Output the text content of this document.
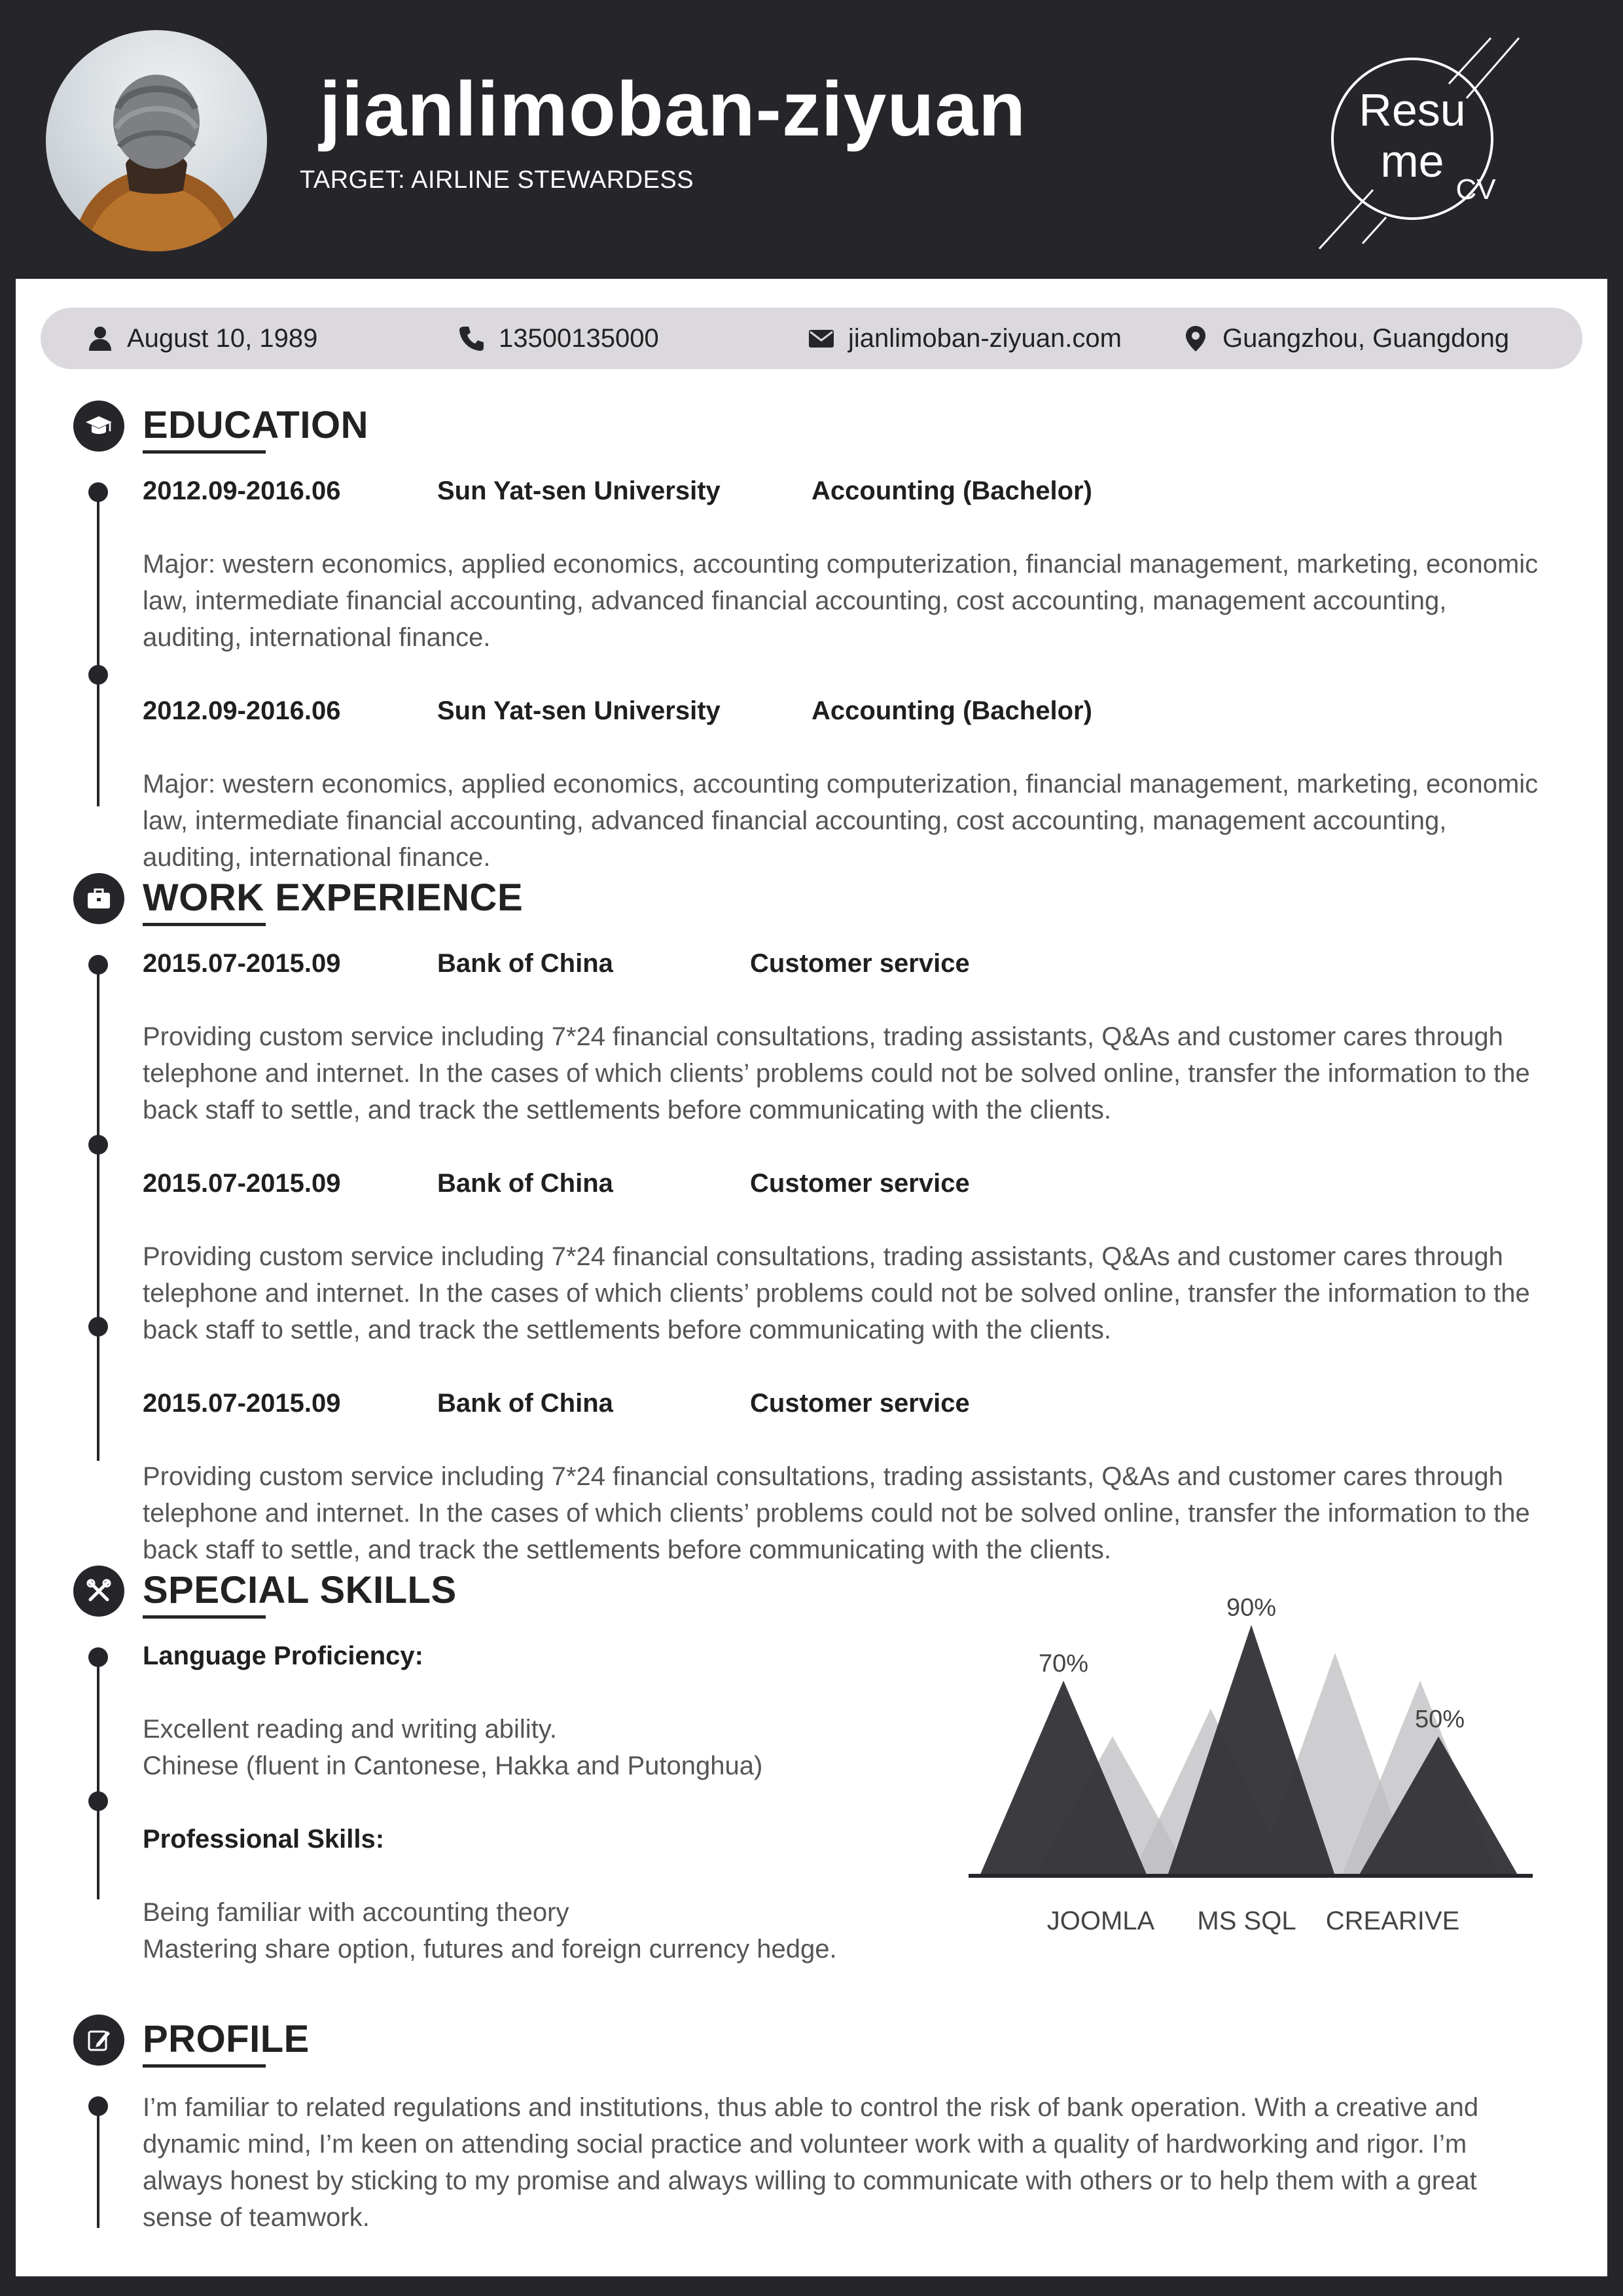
jianlimoban-ziyuan
TARGET: AIRLINE STEWARDESS
Resu
me
CV
August 10, 1989	13500135000	jianlimoban-ziyuan.com	Guangzhou, Guangdong
EDUCATION
2012.09-2016.06	Sun Yat-sen University	Accounting (Bachelor)

Major: western economics, applied economics, accounting computerization, financial management, marketing, economic law, intermediate financial accounting, advanced financial accounting, cost accounting, management accounting, auditing, international finance.

2012.09-2016.06	Sun Yat-sen University	Accounting (Bachelor)

Major: western economics, applied economics, accounting computerization, financial management, marketing, economic law, intermediate financial accounting, advanced financial accounting, cost accounting, management accounting, auditing, international finance.

WORK EXPERIENCE
2015.07-2015.09	Bank of China	Customer service

Providing custom service including 7*24 financial consultations, trading assistants, Q&As and customer cares through telephone and internet. In the cases of which clients’ problems could not be solved online, transfer the information to the back staff to settle, and track the settlements before communicating with the clients.

2015.07-2015.09	Bank of China	Customer service

Providing custom service including 7*24 financial consultations, trading assistants, Q&As and customer cares through telephone and internet. In the cases of which clients’ problems could not be solved online, transfer the information to the back staff to settle, and track the settlements before communicating with the clients.

2015.07-2015.09	Bank of China	Customer service

Providing custom service including 7*24 financial consultations, trading assistants, Q&As and customer cares through telephone and internet. In the cases of which clients’ problems could not be solved online, transfer the information to the back staff to settle, and track the settlements before communicating with the clients.

SPECIAL SKILLS
Language Proficiency:
Excellent reading and writing ability.
Chinese (fluent in Cantonese, Hakka and Putonghua)
Professional Skills:
Being familiar with accounting theory
Mastering share option, futures and foreign currency hedge.
70%
90%
50%
JOOMLA MS SQL CREARIVE
PROFILE

I’m familiar to related regulations and institutions, thus able to control the risk of bank operation. With a creative and dynamic mind, I’m keen on attending social practice and volunteer work with a quality of hardworking and rigor. I’m always honest by sticking to my promise and always willing to communicate with others or to help them with a great sense of teamwork.
